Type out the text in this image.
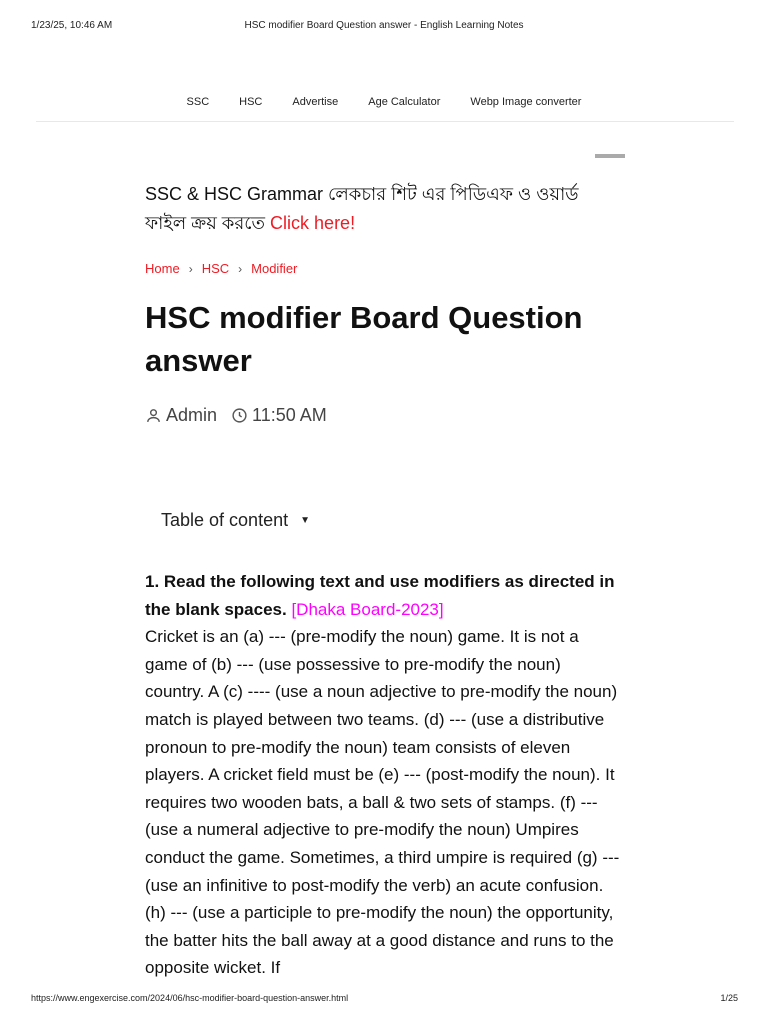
1/23/25, 10:46 AM	HSC modifier Board Question answer - English Learning Notes
SSC	HSC	Advertise	Age Calculator	Webp Image converter
SSC & HSC Grammar লেকচার শিট এর পিডিএফ ও ওয়ার্ড ফাইল ক্রয় করতে Click here!
Home › HSC › Modifier
HSC modifier Board Question answer
Admin 11:50 AM
Table of content ▼
1. Read the following text and use modifiers as directed in the blank spaces. [Dhaka Board-2023]
Cricket is an (a) --- (pre-modify the noun) game. It is not a game of (b) --- (use possessive to pre-modify the noun) country. A (c) ---- (use a noun adjective to pre-modify the noun) match is played between two teams. (d) --- (use a distributive pronoun to pre-modify the noun) team consists of eleven players. A cricket field must be (e) --- (post-modify the noun). It requires two wooden bats, a ball & two sets of stamps. (f) --- (use a numeral adjective to pre-modify the noun) Umpires conduct the game. Sometimes, a third umpire is required (g) --- (use an infinitive to post-modify the verb) an acute confusion. (h) --- (use a participle to pre-modify the noun) the opportunity, the batter hits the ball away at a good distance and runs to the opposite wicket. If
https://www.engexercise.com/2024/06/hsc-modifier-board-question-answer.html	1/25
